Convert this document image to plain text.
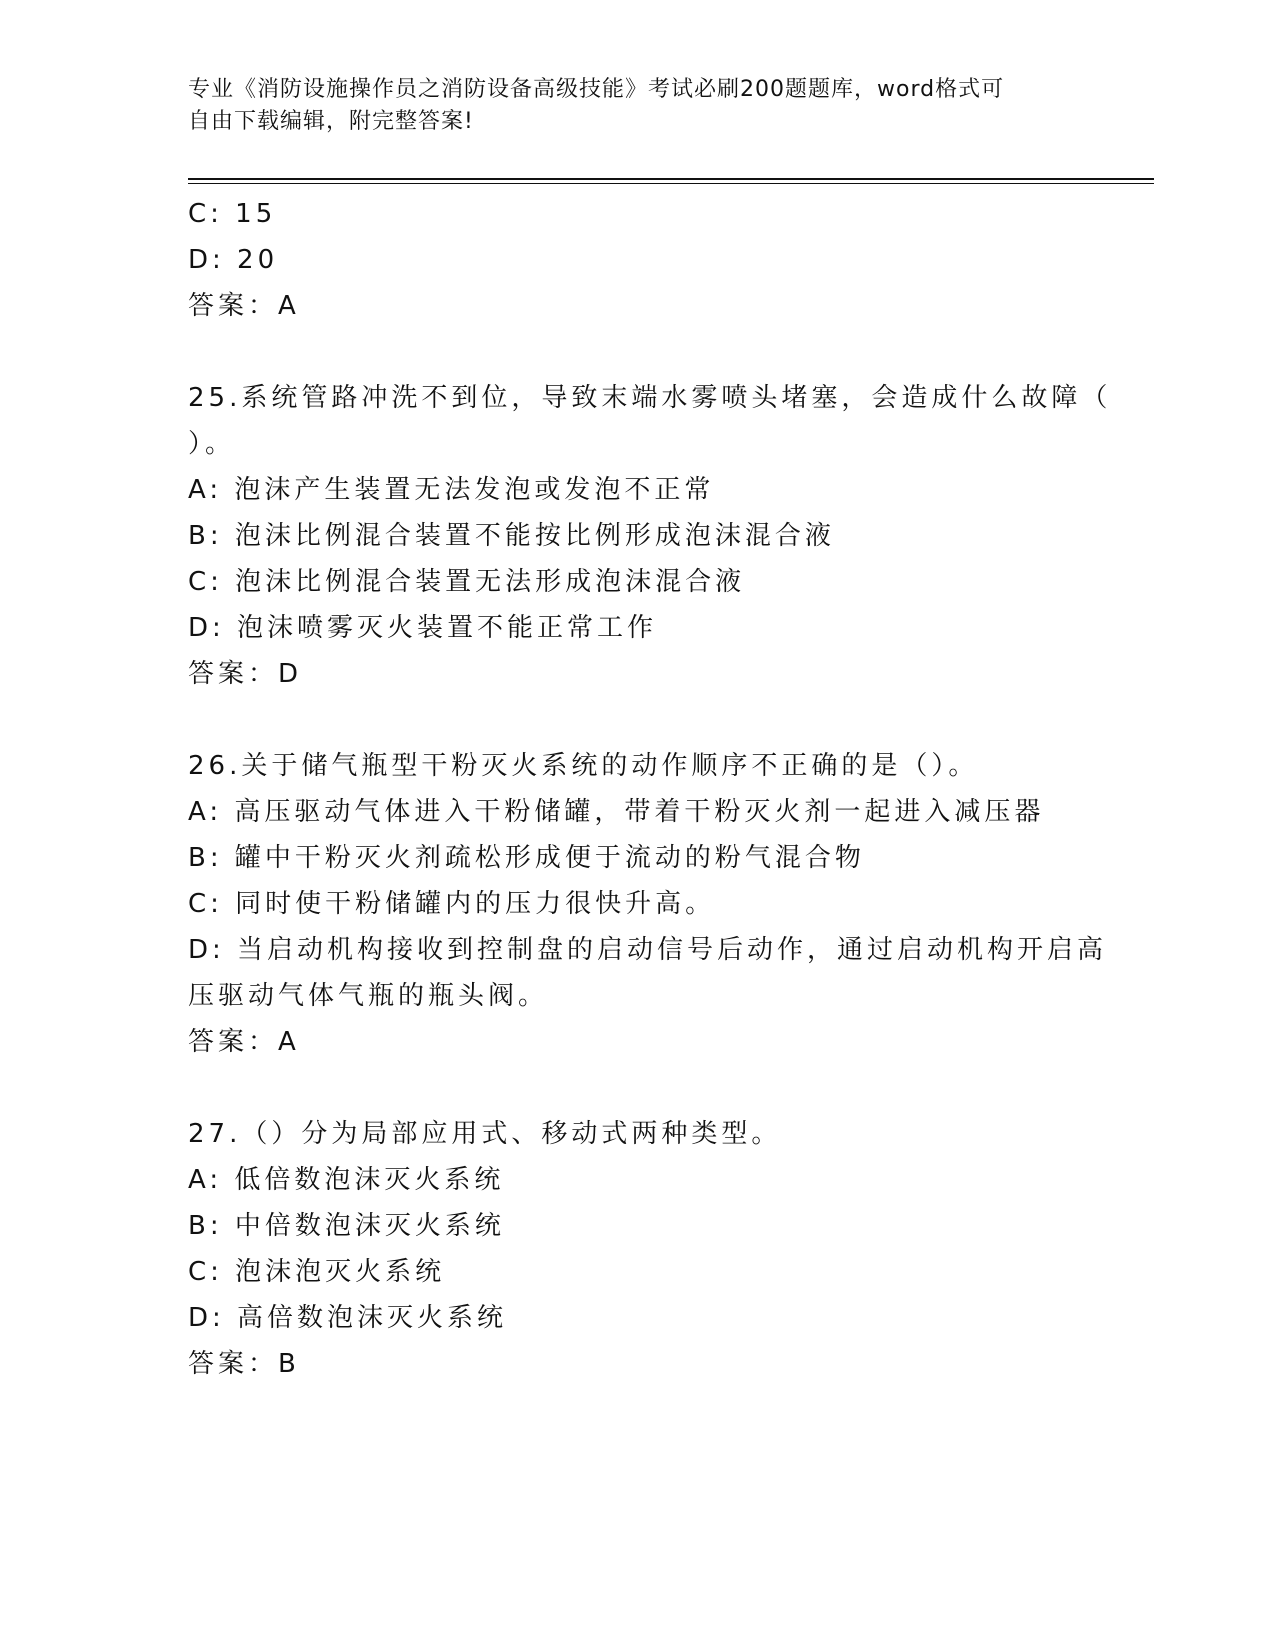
专业《消防设施操作员之消防设备高级技能》考试必刷200题题库，word格式可
自由下载编辑，附完整答案!
C: 15
D: 20
答案：A
25.系统管路冲洗不到位，导致末端水雾喷头堵塞，会造成什么故障（
）。
A: 泡沫产生装置无法发泡或发泡不正常
B: 泡沫比例混合装置不能按比例形成泡沫混合液
C: 泡沫比例混合装置无法形成泡沫混合液
D: 泡沫喷雾灭火装置不能正常工作
答案：D
26.关于储气瓶型干粉灭火系统的动作顺序不正确的是（）。
A: 高压驱动气体进入干粉储罐，带着干粉灭火剂一起进入减压器
B: 罐中干粉灭火剂疏松形成便于流动的粉气混合物
C: 同时使干粉储罐内的压力很快升高。
D: 当启动机构接收到控制盘的启动信号后动作，通过启动机构开启高
压驱动气体气瓶的瓶头阀。
答案：A
27.（）分为局部应用式、移动式两种类型。
A: 低倍数泡沫灭火系统
B: 中倍数泡沫灭火系统
C: 泡沫泡灭火系统
D: 高倍数泡沫灭火系统
答案：B
